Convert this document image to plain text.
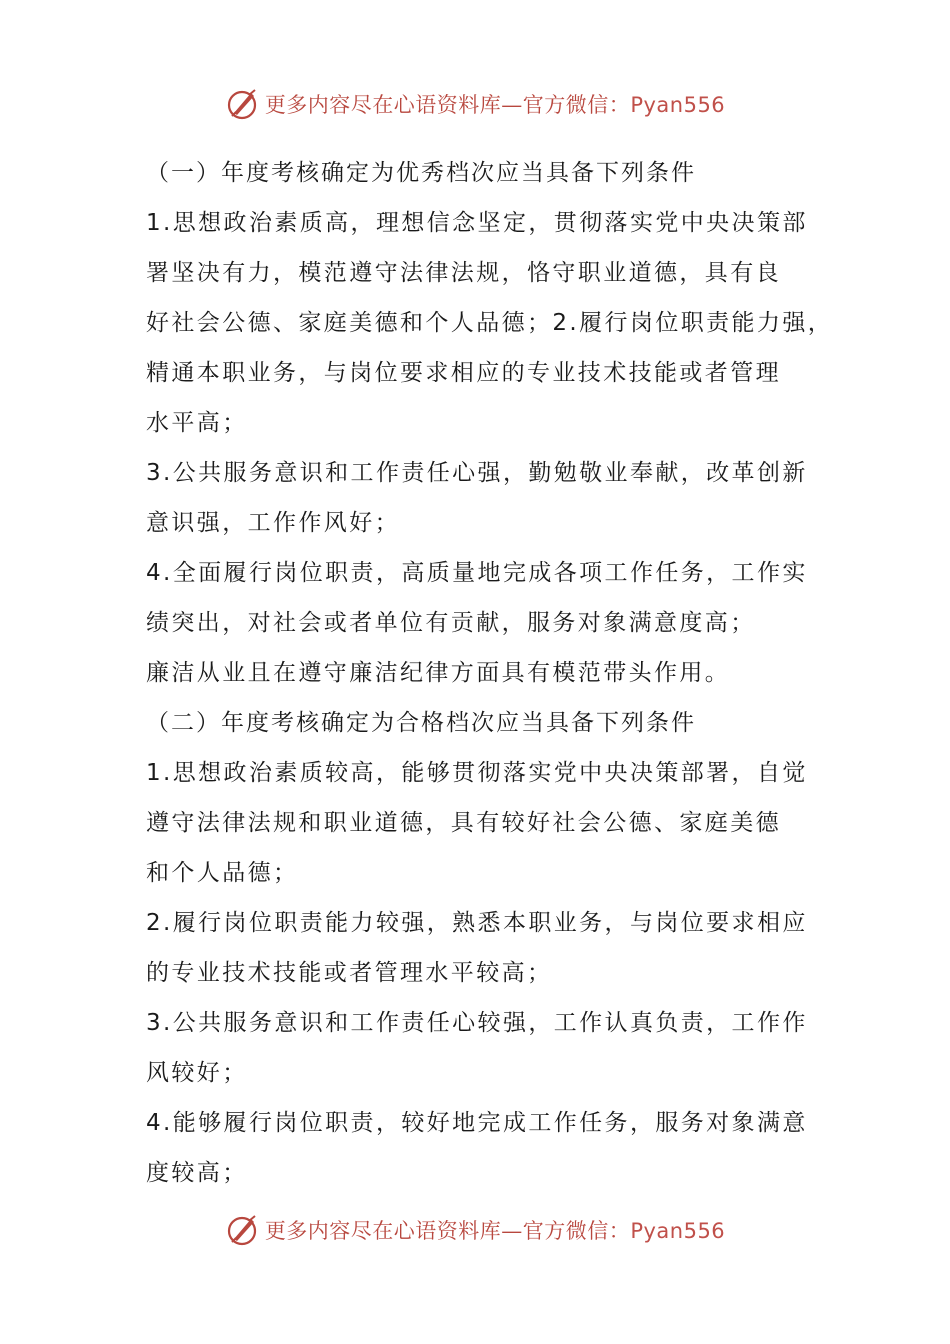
更多内容尽在心语资料库—官方微信：Pyan556
（一）年度考核确定为优秀档次应当具备下列条件
1.思想政治素质高，理想信念坚定，贯彻落实党中央决策部
署坚决有力，模范遵守法律法规，恪守职业道德，具有良
好社会公德、家庭美德和个人品德；2.履行岗位职责能力强，
精通本职业务，与岗位要求相应的专业技术技能或者管理
水平高；
3.公共服务意识和工作责任心强，勤勉敬业奉献，改革创新
意识强，工作作风好；
4.全面履行岗位职责，高质量地完成各项工作任务，工作实
绩突出，对社会或者单位有贡献，服务对象满意度高；
廉洁从业且在遵守廉洁纪律方面具有模范带头作用。
（二）年度考核确定为合格档次应当具备下列条件
1.思想政治素质较高，能够贯彻落实党中央决策部署，自觉
遵守法律法规和职业道德，具有较好社会公德、家庭美德
和个人品德；
2.履行岗位职责能力较强，熟悉本职业务，与岗位要求相应
的专业技术技能或者管理水平较高；
3.公共服务意识和工作责任心较强，工作认真负责，工作作
风较好；
4.能够履行岗位职责，较好地完成工作任务，服务对象满意
度较高；
更多内容尽在心语资料库—官方微信：Pyan556
